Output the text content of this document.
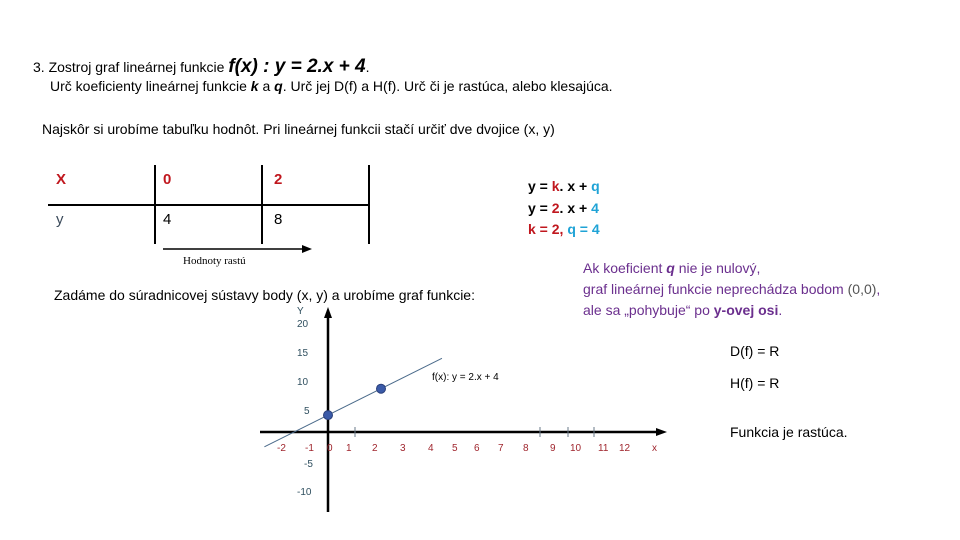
3. Zostroj graf lineárnej funkcie f(x) : y = 2.x + 4.
Urč koeficienty lineárnej funkcie k a q. Urč jej D(f) a H(f). Urč či je rastúca, alebo klesajúca.
Najskôr si urobíme tabuľku hodnôt. Pri lineárnej funkcii stačí určiť dve dvojice (x, y)
X
y
0	2
4	8
Hodnoty rastú
y = k. x + q
y = 2. x + 4
k = 2, q = 4
Ak koeficient q nie je nulový,
graf lineárnej funkcie neprechádza bodom (0,0),
ale sa „pohybuje“ po y-ovej osi.
Zadáme do súradnicovej sústavy body (x, y) a urobíme graf funkcie:
D(f) = R
H(f) = R
Funkcia je rastúca.
f(x): y = 2.x + 4
Y
x
-2 -1 0 1 2 3 4 5 6 7 8 9 10 11 12
20
15
10
5
-5
-10
